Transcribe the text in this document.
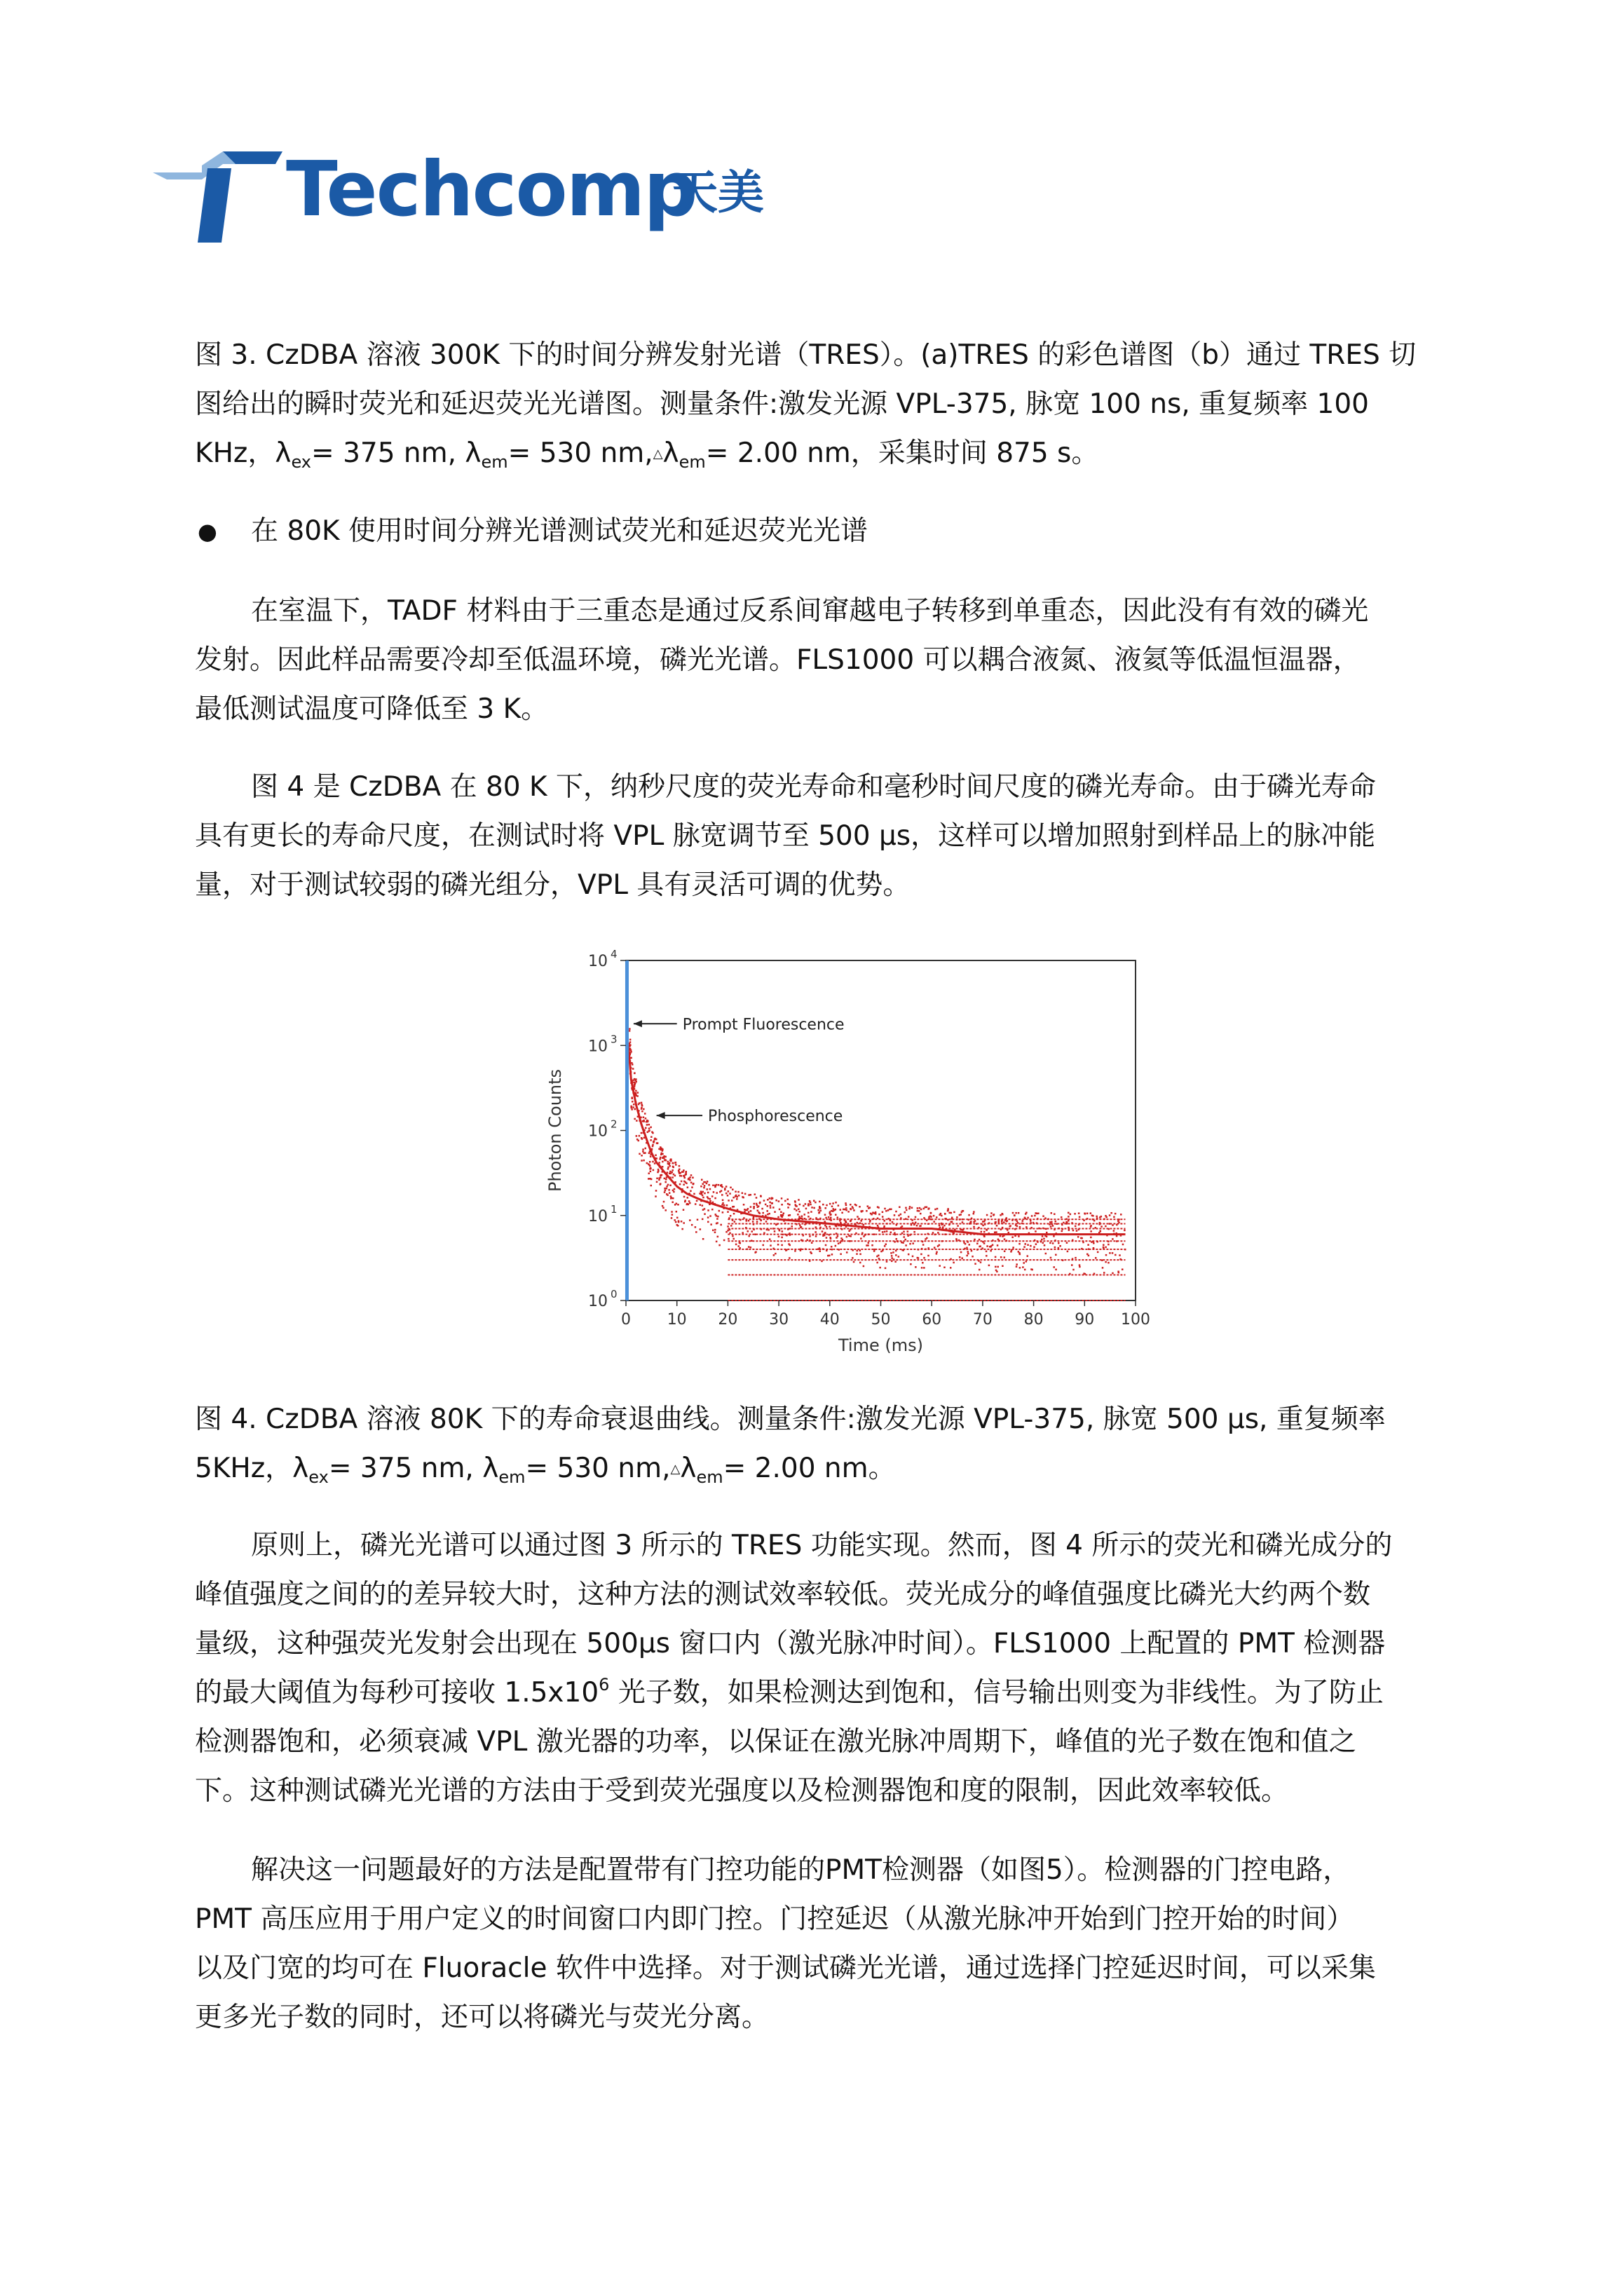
Techcomp
天美
图 3. CzDBA 溶液 300K 下的时间分辨发射光谱（TRES）。(a)TRES 的彩色谱图（b）通过 TRES 切
图给出的瞬时荧光和延迟荧光光谱图。测量条件:激发光源 VPL-375, 脉宽 100 ns, 重复频率 100
KHz，$\lambda_{ex}= 375$ nm, $\lambda_{em}= 530$ $nm,_\triangle\lambda_{em}= 2.00$ nm，采集时间 875 s。
● 在 80K 使用时间分辨光谱测试荧光和延迟荧光光谱
在室温下，TADF 材料由于三重态是通过反系间窜越电子转移到单重态，因此没有有效的磷光
发射。因此样品需要冷却至低温环境，磷光光谱。FLS1000 可以耦合液氮、液氦等低温恒温器，
最低测试温度可降低至 3 K。
图 4 是 CzDBA 在 80 K 下，纳秒尺度的荧光寿命和毫秒时间尺度的磷光寿命。由于磷光寿命
具有更长的寿命尺度，在测试时将 VPL 脉宽调节至 500 μs，这样可以增加照射到样品上的脉冲能
量，对于测试较弱的磷光组分，VPL 具有灵活可调的优势。
0 10 20 30 40 50 60 70 80 90 100
10 0
10 1
10 2
10 3
10 4
Time (ms)
Photon Counts
Prompt Fluorescence
Phosphorescence
图 4. CzDBA 溶液 80K 下的寿命衰退曲线。测量条件:激发光源 VPL-375, 脉宽 500 μs, 重复频率
5KHz，$\lambda_{ex}= 375$ nm, $\lambda_{em}= 530$ $nm,_\triangle\lambda_{em}= 2.00$ nm。
原则上，磷光光谱可以通过图 3 所示的 TRES 功能实现。然而，图 4 所示的荧光和磷光成分的
峰值强度之间的的差异较大时，这种方法的测试效率较低。荧光成分的峰值强度比磷光大约两个数
量级，这种强荧光发射会出现在 500μs 窗口内（激光脉冲时间）。FLS1000 上配置的 PMT 检测器
的最大阈值为每秒可接收 $1.5x10^6$ 光子数，如果检测达到饱和，信号输出则变为非线性。为了防止
检测器饱和，必须衰减 VPL 激光器的功率，以保证在激光脉冲周期下，峰值的光子数在饱和值之
下。这种测试磷光光谱的方法由于受到荧光强度以及检测器饱和度的限制，因此效率较低。
解决这一问题最好的方法是配置带有门控功能的PMT检测器（如图5）。检测器的门控电路，
PMT 高压应用于用户定义的时间窗口内即门控。门控延迟（从激光脉冲开始到门控开始的时间）
以及门宽的均可在 Fluoracle 软件中选择。对于测试磷光光谱，通过选择门控延迟时间，可以采集
更多光子数的同时，还可以将磷光与荧光分离。
